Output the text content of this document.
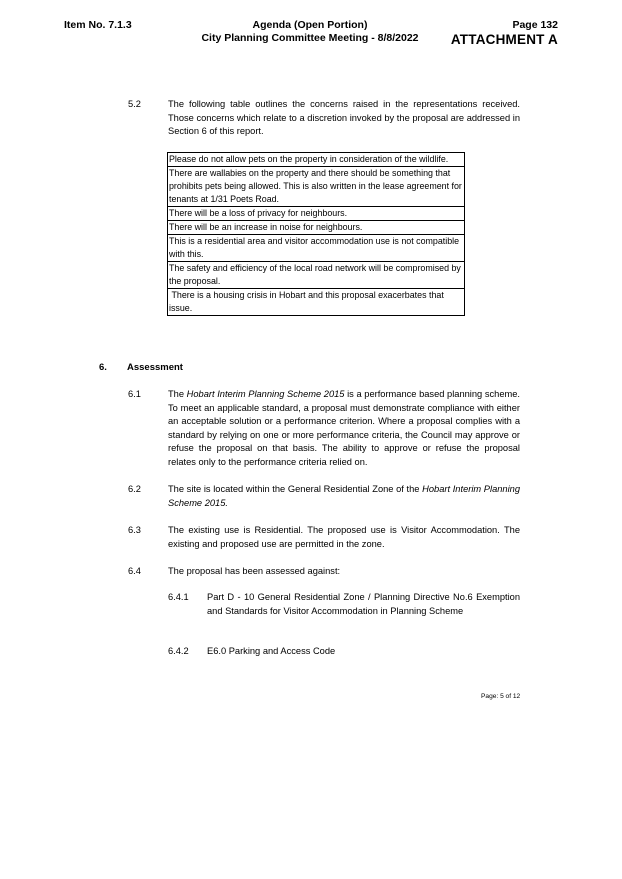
Item No. 7.1.3	Agenda (Open Portion)
City Planning Committee Meeting - 8/8/2022
Page 132
ATTACHMENT A
5.2	The following table outlines the concerns raised in the representations received. Those concerns which relate to a discretion invoked by the proposal are addressed in Section 6 of this report.
Please do not allow pets on the property in consideration of the wildlife.
There are wallabies on the property and there should be something that prohibits pets being allowed. This is also written in the lease agreement for tenants at 1/31 Poets Road.
There will be a loss of privacy for neighbours.
There will be an increase in noise for neighbours.
This is a residential area and visitor accommodation use is not compatible with this.
The safety and efficiency of the local road network will be compromised by the proposal.
There is a housing crisis in Hobart and this proposal exacerbates that issue.
6. Assessment
6.1	The Hobart Interim Planning Scheme 2015 is a performance based planning scheme. To meet an applicable standard, a proposal must demonstrate compliance with either an acceptable solution or a performance criterion. Where a proposal complies with a standard by relying on one or more performance criteria, the Council may approve or refuse the proposal on that basis. The ability to approve or refuse the proposal relates only to the performance criteria relied on.
6.2	The site is located within the General Residential Zone of the Hobart Interim Planning Scheme 2015.
6.3	The existing use is Residential. The proposed use is Visitor Accommodation. The existing and proposed use are permitted in the zone.
6.4	The proposal has been assessed against:
6.4.1 Part D - 10 General Residential Zone / Planning Directive No.6 Exemption and Standards for Visitor Accommodation in Planning Scheme
6.4.2 E6.0 Parking and Access Code
Page: 5 of 12
